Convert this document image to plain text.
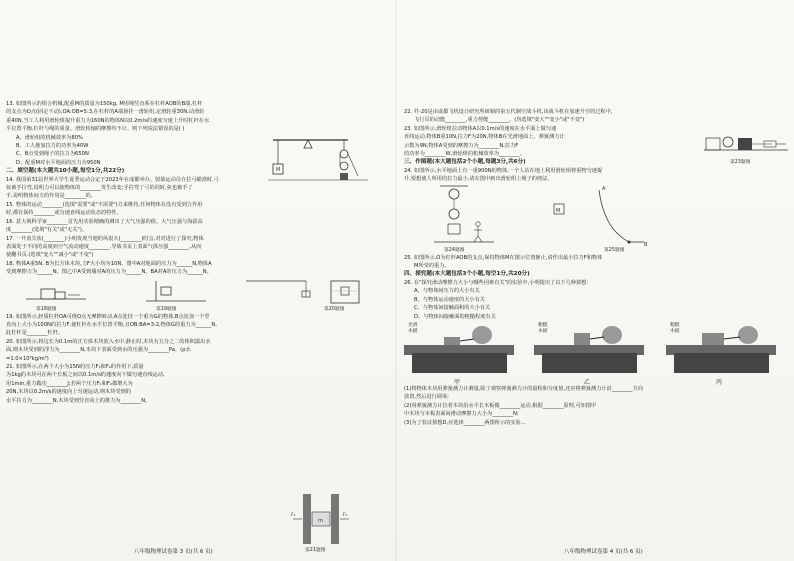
13. 如图所示的组合机械,配重M的质量为150kg, M用绳竖直系在杠杆AOB的B端,杠杆
的支点为O点(固定不动),OA:OB=5:3,在杠杆的A端悬挂一滑轮组,定滑轮重30N,动滑轮
重40N,当工人利用滑轮组提升重力为160N的物体N以0.2m/s的速度匀速上升时杠杆在水
平位置平衡,杠杆与绳的重量、滑轮转轴的摩擦均不计。则下列说法错误的是( )
A、滑轮组的机械效率为80%
B、工人施加拉力的功率为40W
C、B点受到绳子的拉力为650N
D、配重M对水平地面的压力为950N
M
二、填空题(本大题共10小题,每空1分,共22分)
14. 我国第31届世界大学生夏季运动会定于2023年在成都举办。射箭运动员在拉弓瞄准时,弓
弦被手拉弯,说明力可以使物体的________发生改变;手拉弯了弓的同时,弦也被手了
手,说明物体间力的作用是________的。
15. 物体的运动________(选填"需要"或"不需要")力来维持,任何物体在没有受到力作用
时,都有保持________或匀速直线运动状态的特性。
16. 意大利科学家________首先用实验精确的测出了大气压强的值。大气压强与海拔高
度________(选填"有关"或"无关")。
17. 一升消失状(________)小明发现当地的风很大(________)时会,对对进行了探究,物体
表面处于不同的高度而空气流动速度________,导致书页上表面气体压强________,从而
使翻书页.(选填"变大""减小"或"不变")
18. 物体A重5N, B为长方体木块,力F大小均为10N。图中A对地面的压力为______N,物体A
受到摩擦力为______N。图乙中A受到墙对A的压力为______N。BA对A的压力为______N。
第18题图	第19题图	第20题图
19. 如图所示,轻质杠杆OA可绕O点无摩擦转动,A点处挂一个重为G的物体,B点处加一个竖
直向上大小为100N的拉力F,使杠杆在水平位置平衡,且OB:BA=3:2,物体G的重力为______N,
此杠杆是________杠杆。
20. 如图所示,将边长为0.1m的正方体木块放入水中,静止时,木块有五分之二的体积露出水
面,则木块受到的浮力为________N,木块下表面受到水的压强为________Pa。(ρ水
=1.0×10³kg/m³)
21. 如图所示,在两个大小为15N的压力F₁和F₂的作用下,质量
为1kg的木块可在两个长板之间以0.1m/s的速度向下做匀速直线运动,
用1min,重力做功________J;若两个压力F₁和F₂都增大为
20N,木块以0.2m/s的速度向上匀速运动,则木块受到的
水平拉力为________N,木块受到竖直向上的推力为________N。
m
F₁	F₂
第21题图
八年级物理试卷第 3 页(共 6 页)
22. 歼-20是由成都飞机设计研究所研制的第五代制空战斗机,该战斗机在加速升空的过程中,
飞行员的动能________,重力势能________。(均选填"变大""变小"或"不变")
23. 如图所示,滑轮组拉动物体A以0.1m/s的速度在水平面上做匀速
直线运动,物体B重10N,拉力F为20N,物体B在光滑地面上。弹簧测力计
示数为9N,物体A受到的摩擦力为________N,拉力F
的功率为________W,滑轮组的机械效率为________。
第23题图
三、作图题(本大题包括2个小题,每题3分,共6分)
24. 如图所示,水平地面上有一重900N的物体,一个人站在地上利用滑轮组将重物匀速提
升,要想使人所用的拉力最小,请在图中画出滑轮组上绳子的绕法。
M
A
B
第24题图	第25题图
25. 如图所示,O为杠杆AOB的支点,保持物体M在图示位置静止,请作出最小拉力F和物体
M所受的重力。
四、探究题(本大题包括3个小题,每空1分,共20分)
26. 在"探究滑动摩擦力大小与哪些因素有关"的实验中,小明提出了以下几种猜想:
A、与物体间压力的大小有关
B、与物体运动速度的大小有关
C、与物体间接触面积的大小有关
D、与物体间接触面的粗糙程度有关
光滑
木板
粗糙
木板
粗糙
木板
甲	乙	丙
(1)将物体木块用弹簧测力计测量,除了观察弹簧测力计的量程和分度值,还应将弹簧测力计沿________方向
放置,然后进行调零;
(2)用弹簧测力计拉着木块沿水平长木板做________运动,根据________原理,可知图甲
中木块与木板表面间滑动摩擦力大小为________N;
(3)为了验证猜想D,应选择________两图所示的实验...
八年级物理试卷第 4 页(共 6 页)
